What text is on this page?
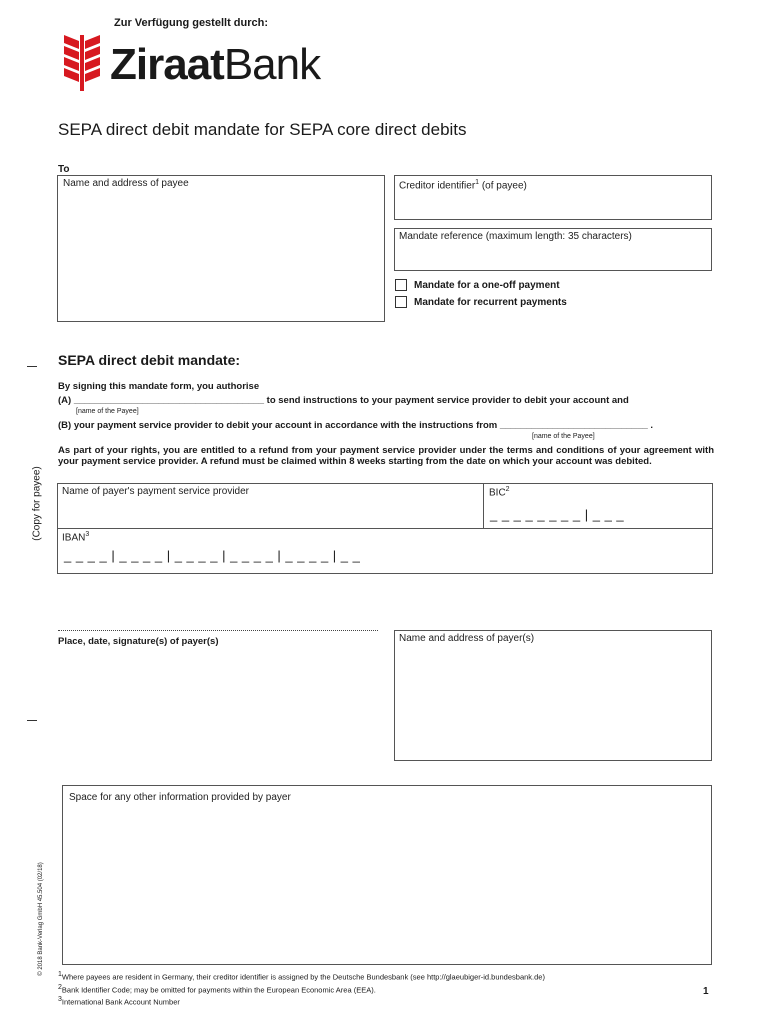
Zur Verfügung gestellt durch:
ZiraatBank
SEPA direct debit mandate for SEPA core direct debits
To
Name and address of payee	Creditor identifier$^1$ (of payee)
Mandate reference (maximum length: 35 characters)
Mandate for a one-off payment
Mandate for recurrent payments
(Copy for payee)
© 2018 Bank-Verlag GmbH 45.504 (02/18)
SEPA direct debit mandate:
By signing this mandate form, you authorise
(A) ____________________________________ to send instructions to your payment service provider to debit your account and
[name of the Payee]
(B) your payment service provider to debit your account in accordance with the instructions from ____________________________ .
[name of the Payee]
As part of your rights, you are entitled to a refund from your payment service provider under the terms and conditions of your agreement with your payment service provider. A refund must be claimed within 8 weeks starting from the date on which your account was debited.
Name of payer's payment service provider	BIC$^2$
_ _ _ _ _ _ _ _ | _ _ _
IBAN$^3$
_ _ _ _ | _ _ _ _ | _ _ _ _ | _ _ _ _ | _ _ _ _ | _ _
Place, date, signature(s) of payer(s)	Name and address of payer(s)
Space for any other information provided by payer
$^1$Where payees are resident in Germany, their creditor identifier is assigned by the Deutsche Bundesbank (see http://glaeubiger-id.bundesbank.de)
$^2$Bank Identifier Code; may be omitted for payments within the European Economic Area (EEA).
$^3$International Bank Account Number
1
